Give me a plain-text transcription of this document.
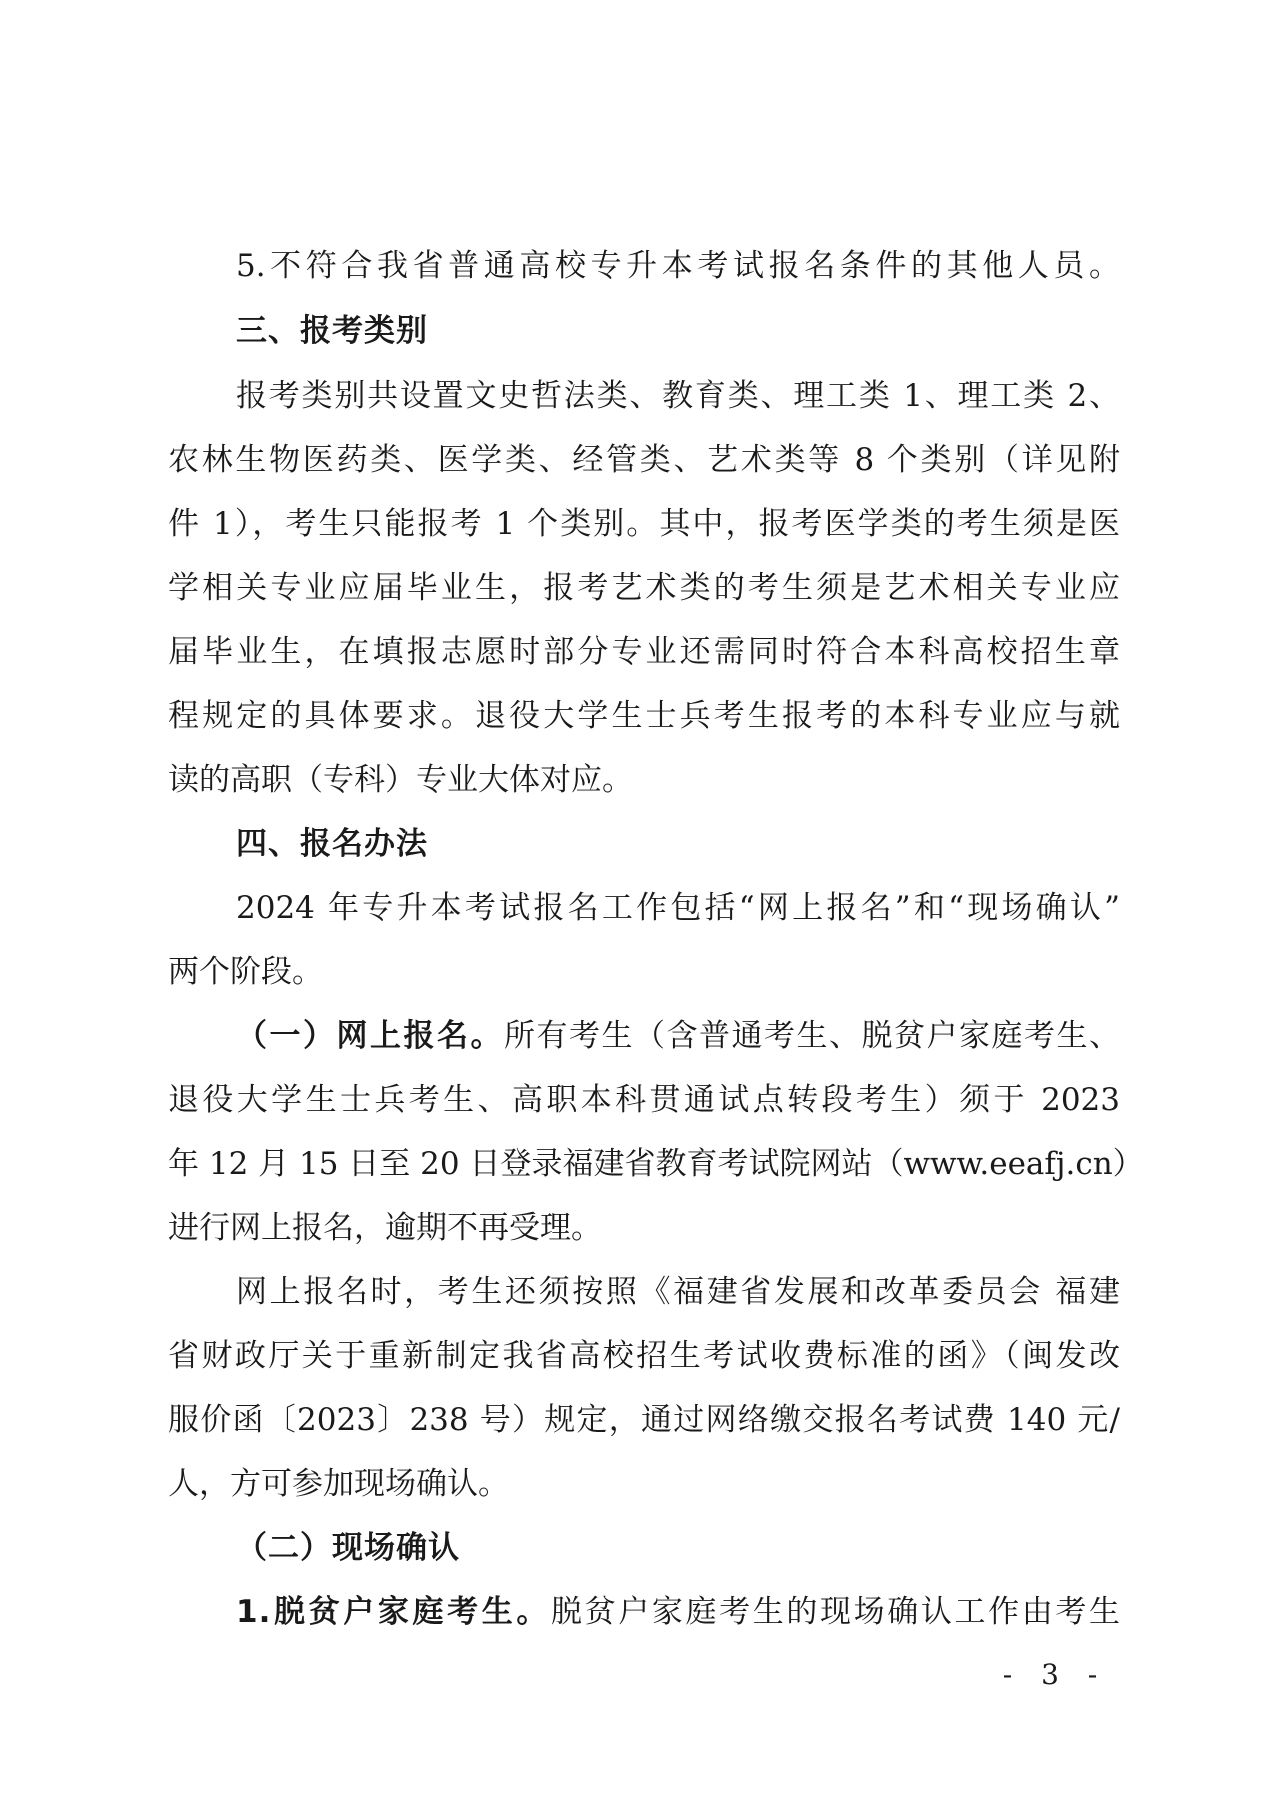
5.不符合我省普通高校专升本考试报名条件的其他人员。
三、报考类别
报考类别共设置文史哲法类、教育类、理工类 1、理工类 2、
农林生物医药类、医学类、经管类、艺术类等 8 个类别（详见附
件 1），考生只能报考 1 个类别。其中，报考医学类的考生须是医
学相关专业应届毕业生，报考艺术类的考生须是艺术相关专业应
届毕业生，在填报志愿时部分专业还需同时符合本科高校招生章
程规定的具体要求。退役大学生士兵考生报考的本科专业应与就
读的高职（专科）专业大体对应。
四、报名办法
2024 年专升本考试报名工作包括“网上报名”和“现场确认”
两个阶段。
（一）网上报名。所有考生（含普通考生、脱贫户家庭考生、
退役大学生士兵考生、高职本科贯通试点转段考生）须于 2023
年 12 月 15 日至 20 日登录福建省教育考试院网站（www.eeafj.cn）
进行网上报名，逾期不再受理。
网上报名时，考生还须按照《福建省发展和改革委员会 福建
省财政厅关于重新制定我省高校招生考试收费标准的函》（闽发改
服价函〔2023〕238 号）规定，通过网络缴交报名考试费 140 元/
人，方可参加现场确认。
（二）现场确认
1.脱贫户家庭考生。脱贫户家庭考生的现场确认工作由考生
- 3 -
